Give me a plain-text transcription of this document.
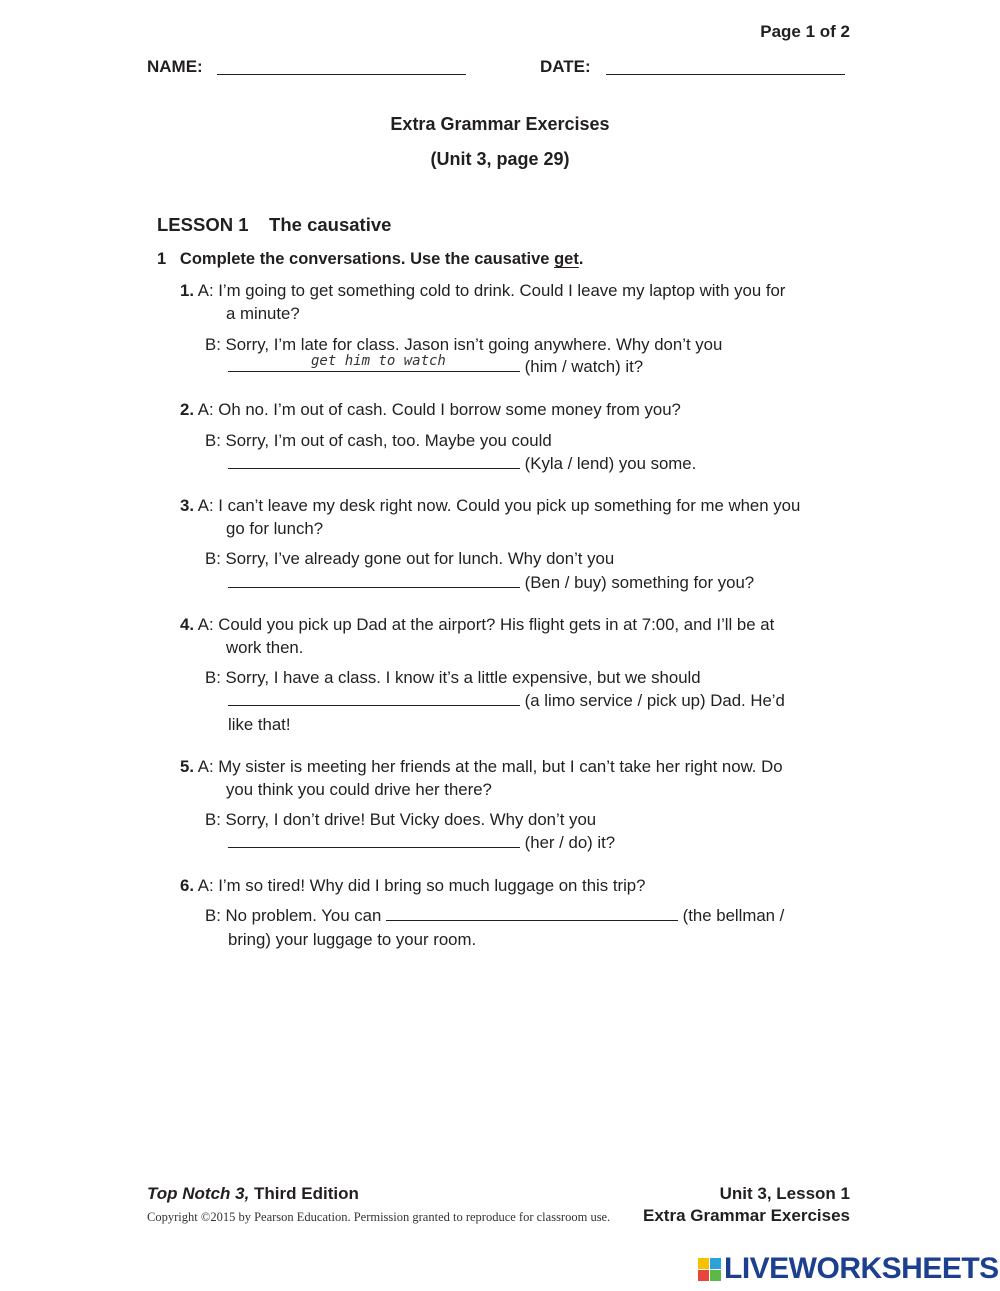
Page 1 of 2
NAME:	DATE:
Extra Grammar Exercises
(Unit 3, page 29)
LESSON 1    The causative
1   Complete the conversations. Use the causative get.
1. A: I’m going to get something cold to drink. Could I leave my laptop with you for
a minute?
B: Sorry, I’m late for class. Jason isn’t going anywhere. Why don’t you
(him / watch) it?
get him to watch
2. A: Oh no. I’m out of cash. Could I borrow some money from you?
B: Sorry, I’m out of cash, too. Maybe you could
(Kyla / lend) you some.
3. A: I can’t leave my desk right now. Could you pick up something for me when you
go for lunch?
B: Sorry, I’ve already gone out for lunch. Why don’t you
(Ben / buy) something for you?
4. A: Could you pick up Dad at the airport? His flight gets in at 7:00, and I’ll be at
work then.
B: Sorry, I have a class. I know it’s a little expensive, but we should
(a limo service / pick up) Dad. He’d
like that!
5. A: My sister is meeting her friends at the mall, but I can’t take her right now. Do
you think you could drive her there?
B: Sorry, I don’t drive! But Vicky does. Why don’t you
(her / do) it?
6. A: I’m so tired! Why did I bring so much luggage on this trip?
B: No problem. You can	(the bellman /
bring) your luggage to your room.
Top Notch 3, Third Edition
Copyright ©2015 by Pearson Education. Permission granted to reproduce for classroom use.
Unit 3, Lesson 1
Extra Grammar Exercises
LIVEWORKSHEETS
